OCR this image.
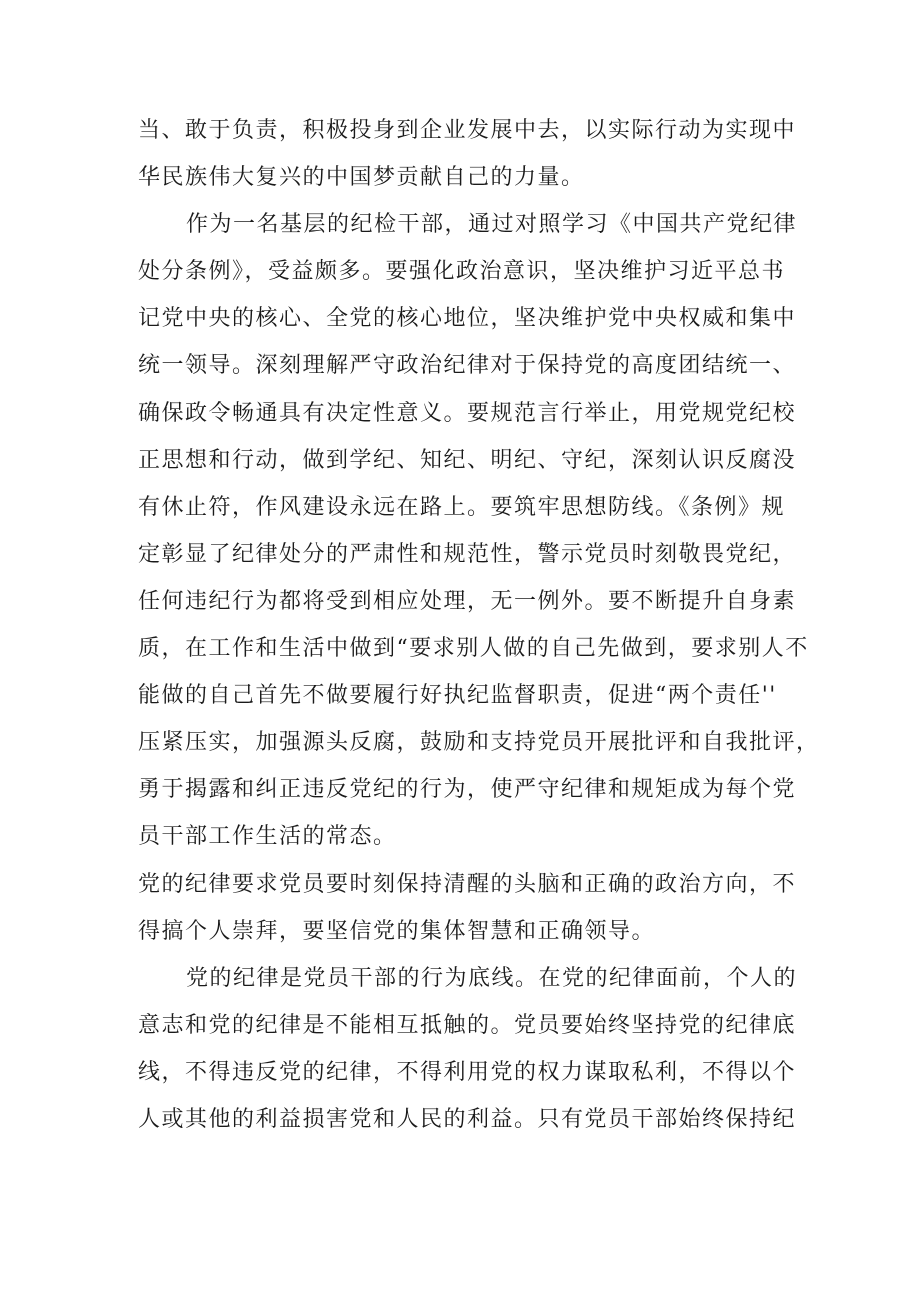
当、敢于负责，积极投身到企业发展中去，以实际行动为实现中
华民族伟大复兴的中国梦贡献自己的力量。
作为一名基层的纪检干部，通过对照学习《中国共产党纪律
处分条例》，受益颇多。要强化政治意识，坚决维护习近平总书
记党中央的核心、全党的核心地位，坚决维护党中央权威和集中
统一领导。深刻理解严守政治纪律对于保持党的高度团结统一、
确保政令畅通具有决定性意义。要规范言行举止，用党规党纪校
正思想和行动，做到学纪、知纪、明纪、守纪，深刻认识反腐没
有休止符，作风建设永远在路上。要筑牢思想防线。《条例》规
定彰显了纪律处分的严肃性和规范性，警示党员时刻敬畏党纪，
任何违纪行为都将受到相应处理，无一例外。要不断提升自身素
质，在工作和生活中做到“要求别人做的自己先做到，要求别人不
能做的自己首先不做要履行好执纪监督职责，促进“两个责任''
压紧压实，加强源头反腐，鼓励和支持党员开展批评和自我批评，
勇于揭露和纠正违反党纪的行为，使严守纪律和规矩成为每个党
员干部工作生活的常态。
党的纪律要求党员要时刻保持清醒的头脑和正确的政治方向，不
得搞个人崇拜，要坚信党的集体智慧和正确领导。
党的纪律是党员干部的行为底线。在党的纪律面前，个人的
意志和党的纪律是不能相互抵触的。党员要始终坚持党的纪律底
线，不得违反党的纪律，不得利用党的权力谋取私利，不得以个
人或其他的利益损害党和人民的利益。只有党员干部始终保持纪
